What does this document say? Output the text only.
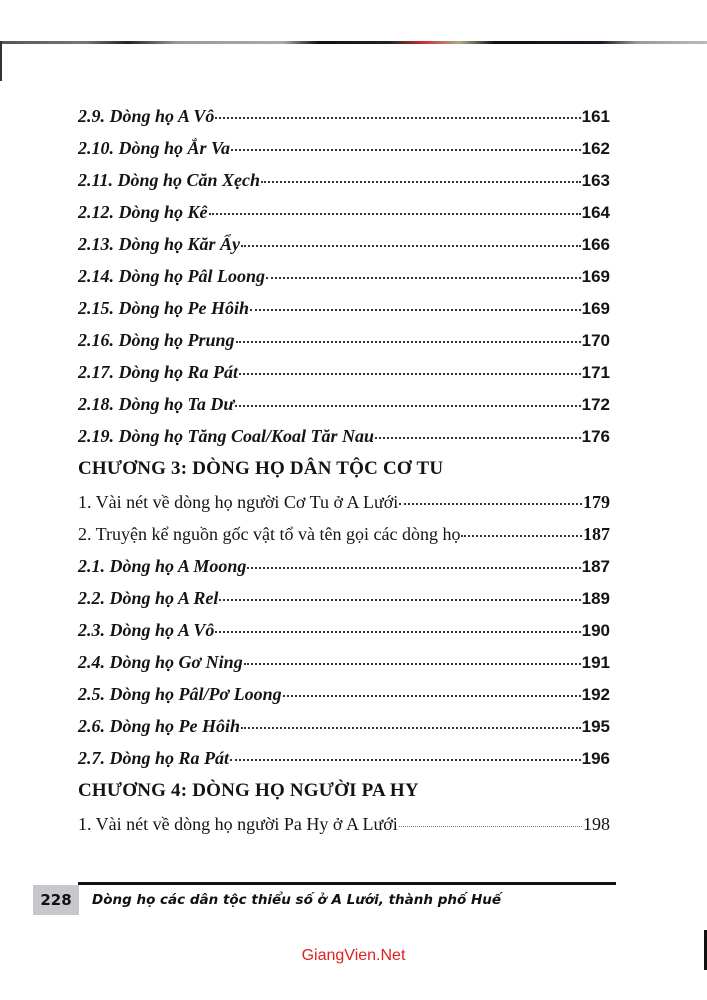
2.9. Dòng họ A Vô	161
2.10. Dòng họ Ắr Va	162
2.11. Dòng họ Căn Xẹch	163
2.12. Dòng họ Kê	164
2.13. Dòng họ Kăr Ẩy	166
2.14. Dòng họ Pâl Loong	169
2.15. Dòng họ Pe Hôih	169
2.16. Dòng họ Prung	170
2.17. Dòng họ Ra Pát	171
2.18. Dòng họ Ta Dư	172
2.19. Dòng họ Tăng Coal/Koal Tăr Nau	176
CHƯƠNG 3: DÒNG HỌ DÂN TỘC CƠ TU
1. Vài nét về dòng họ người Cơ Tu ở A Lưới	179
2. Truyện kể nguồn gốc vật tổ và tên gọi các dòng họ	187
2.1. Dòng họ A Moong	187
2.2. Dòng họ A Rel	189
2.3. Dòng họ A Vô	190
2.4. Dòng họ Gơ Ning	191
2.5. Dòng họ Pâl/Pơ Loong	192
2.6. Dòng họ Pe Hôih	195
2.7. Dòng họ Ra Pát	196
CHƯƠNG 4: DÒNG HỌ NGƯỜI PA HY
1. Vài nét về dòng họ người Pa Hy ở A Lưới	198
228	Dòng họ các dân tộc thiểu số ở A Lưới, thành phố Huế
GiangVien.Net
